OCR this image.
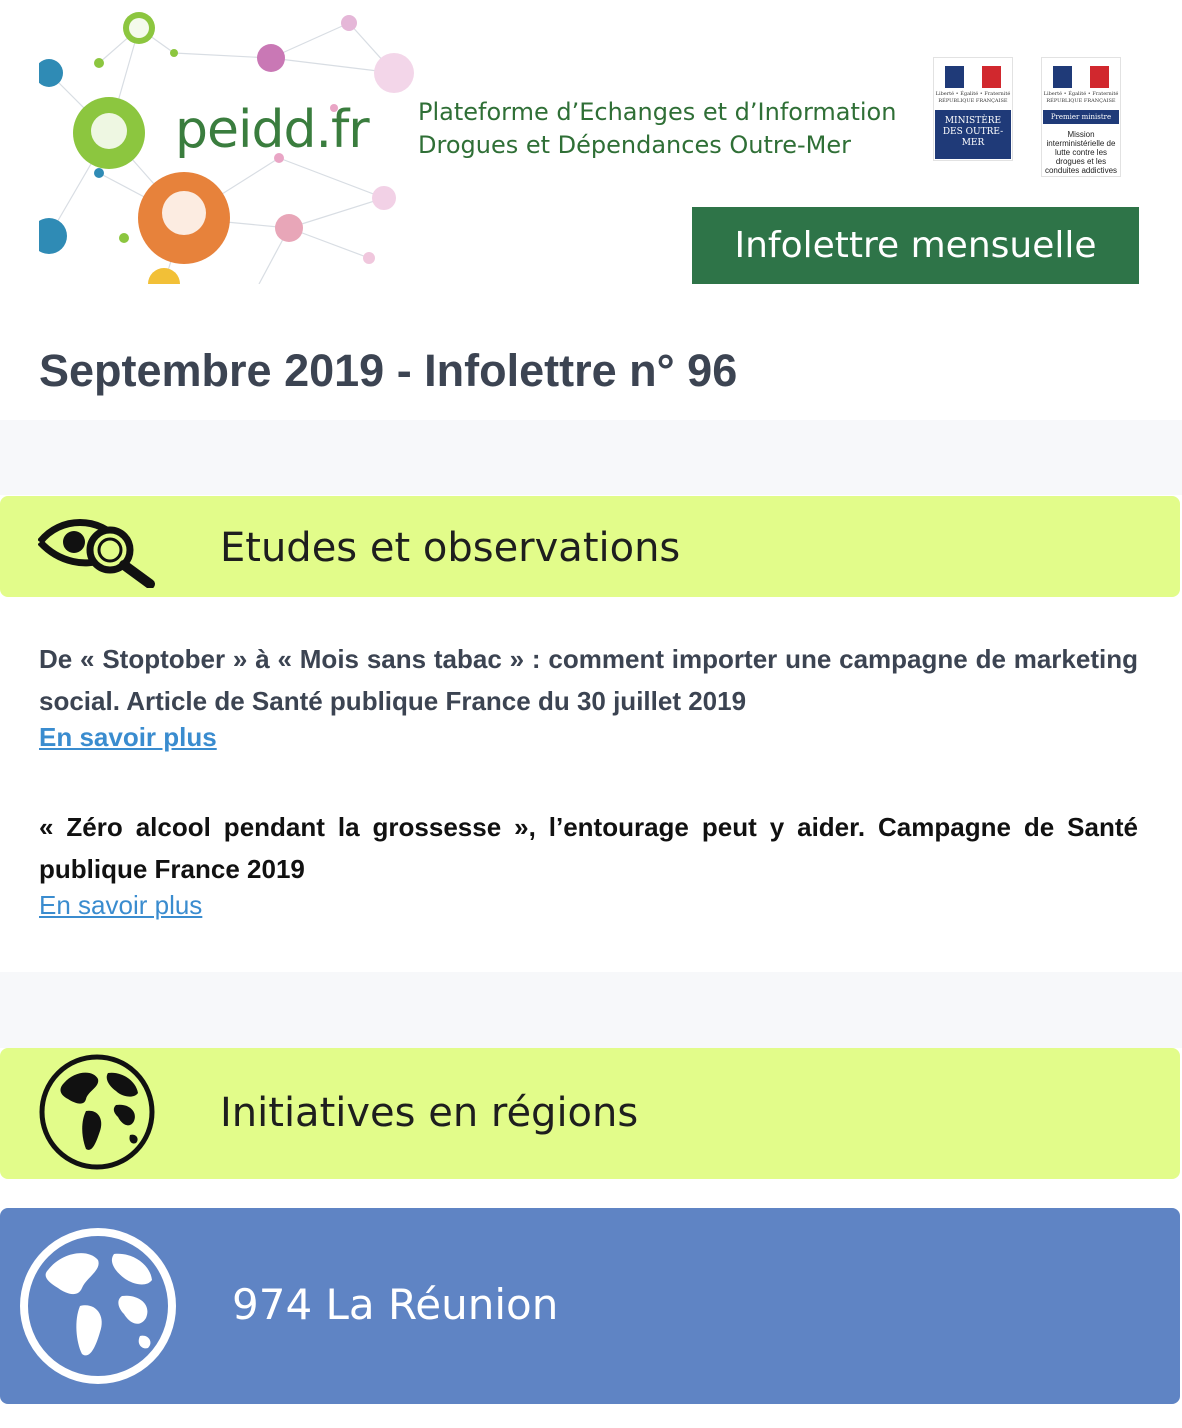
peidd.fr Plateforme d’Echanges et d’Information
Drogues et Dépendances Outre-Mer
Liberté • Égalité • Fraternité
RÉPUBLIQUE FRANÇAISE
MINISTÈRE DES OUTRE-MER
Liberté • Égalité • Fraternité
RÉPUBLIQUE FRANÇAISE
Premier ministre
Mission interministérielle de lutte contre les drogues et les conduites addictives
Infolettre mensuelle
Septembre 2019 - Infolettre n° 96
Etudes et observations
De « Stoptober » à « Mois sans tabac » : comment importer une campagne de marketing social. Article de Santé publique France du 30 juillet 2019
En savoir plus
« Zéro alcool pendant la grossesse », l’entourage peut y aider. Campagne de Santé publique France 2019
En savoir plus
Initiatives en régions
974 La Réunion
